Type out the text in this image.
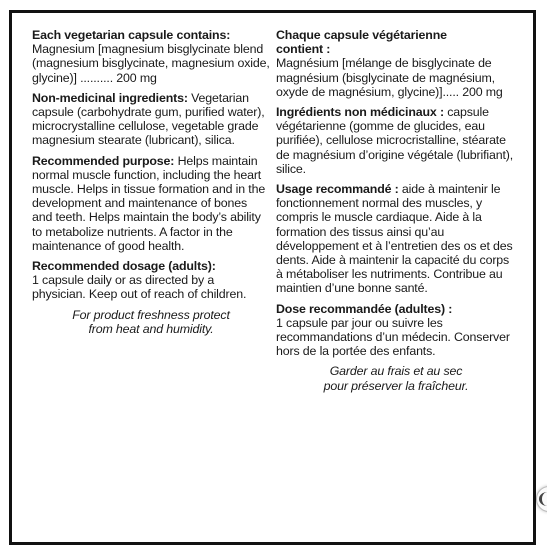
Each vegetarian capsule contains:
Magnesium [magnesium bisglycinate blend (magnesium bisglycinate, magnesium oxide, glycine)] .......... 200 mg
Non-medicinal ingredients: Vegetarian capsule (carbohydrate gum, purified water), microcrystalline cellulose, vegetable grade magnesium stearate (lubricant), silica.
Recommended purpose: Helps maintain normal muscle function, including the heart muscle. Helps in tissue formation and in the development and maintenance of bones and teeth. Helps maintain the body’s ability to metabolize nutrients. A factor in the maintenance of good health.
Recommended dosage (adults):
1 capsule daily or as directed by a physician. Keep out of reach of children.
For product freshness protect from heat and humidity.
Chaque capsule végétarienne contient :
Magnésium [mélange de bisglycinate de magnésium (bisglycinate de magnésium, oxyde de magnésium, glycine)]..... 200 mg
Ingrédients non médicinaux : capsule végétarienne (gomme de glucides, eau purifiée), cellulose microcristalline, stéarate de magnésium d’origine végétale (lubrifiant), silice.
Usage recommandé : aide à maintenir le fonctionnement normal des muscles, y compris le muscle cardiaque. Aide à la formation des tissus ainsi qu’au développement et à l’entretien des os et des dents. Aide à maintenir la capacité du corps à métaboliser les nutriments. Contribue au maintien d’une bonne santé.
Dose recommandée (adultes) :
1 capsule par jour ou suivre les recommandations d’un médecin. Conserver hors de la portée des enfants.
Garder au frais et au sec pour préserver la fraîcheur.
